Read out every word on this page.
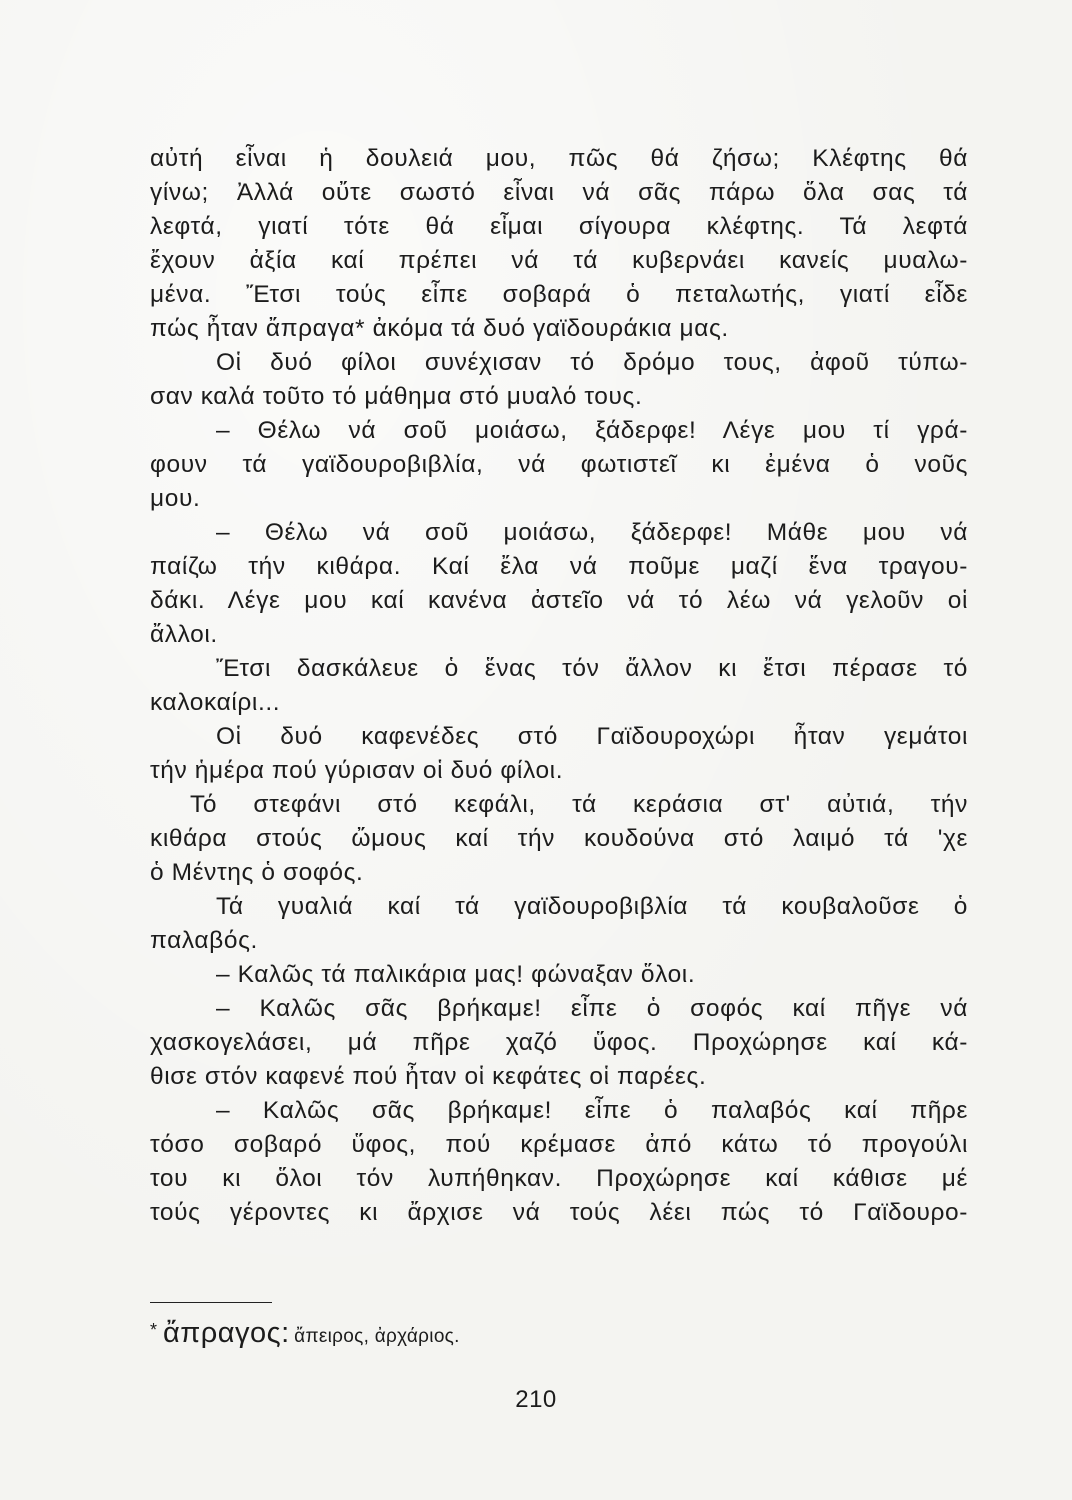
αὐτή εἶναι ἡ δουλειά μου, πῶς θά ζήσω; Κλέφτης θά
γίνω; Ἀλλά οὔτε σωστό εἶναι νά σᾶς πάρω ὅλα σας τά
λεφτά, γιατί τότε θά εἶμαι σίγουρα κλέφτης. Τά λεφτά
ἔχουν ἀξία καί πρέπει νά τά κυβερνάει κανείς μυαλω-
μένα. Ἔτσι τούς εἶπε σοβαρά ὁ πεταλωτής, γιατί εἶδε
πώς ἦταν ἄπραγα* ἀκόμα τά δυό γαϊδουράκια μας.
Οἱ δυό φίλοι συνέχισαν τό δρόμο τους, ἀφοῦ τύπω-
σαν καλά τοῦτο τό μάθημα στό μυαλό τους.
– Θέλω νά σοῦ μοιάσω, ξάδερφε! Λέγε μου τί γρά-
φουν τά γαϊδουροβιβλία, νά φωτιστεῖ κι ἐμένα ὁ νοῦς
μου.
– Θέλω νά σοῦ μοιάσω, ξάδερφε! Μάθε μου νά
παίζω τήν κιθάρα. Καί ἔλα νά ποῦμε μαζί ἕνα τραγου-
δάκι. Λέγε μου καί κανένα ἀστεῖο νά τό λέω νά γελοῦν οἱ
ἄλλοι.
Ἔτσι δασκάλευε ὁ ἕνας τόν ἄλλον κι ἔτσι πέρασε τό
καλοκαίρι...
Οἱ δυό καφενέδες στό Γαϊδουροχώρι ἦταν γεμάτοι
τήν ἡμέρα πού γύρισαν οἱ δυό φίλοι.
Τό στεφάνι στό κεφάλι, τά κεράσια στ' αὐτιά, τήν
κιθάρα στούς ὤμους καί τήν κουδούνα στό λαιμό τά 'χε
ὁ Μέντης ὁ σοφός.
Τά γυαλιά καί τά γαϊδουροβιβλία τά κουβαλοῦσε ὁ
παλαβός.
– Καλῶς τά παλικάρια μας! φώναξαν ὅλοι.
– Καλῶς σᾶς βρήκαμε! εἶπε ὁ σοφός καί πῆγε νά
χασκογελάσει, μά πῆρε χαζό ὕφος. Προχώρησε καί κά-
θισε στόν καφενέ πού ἦταν οἱ κεφάτες οἱ παρέες.
– Καλῶς σᾶς βρήκαμε! εἶπε ὁ παλαβός καί πῆρε
τόσο σοβαρό ὕφος, πού κρέμασε ἀπό κάτω τό προγούλι
του κι ὅλοι τόν λυπήθηκαν. Προχώρησε καί κάθισε μέ
τούς γέροντες κι ἄρχισε νά τούς λέει πώς τό Γαϊδουρο-
* ἄπραγος: ἄπειρος, ἀρχάριος.
210
